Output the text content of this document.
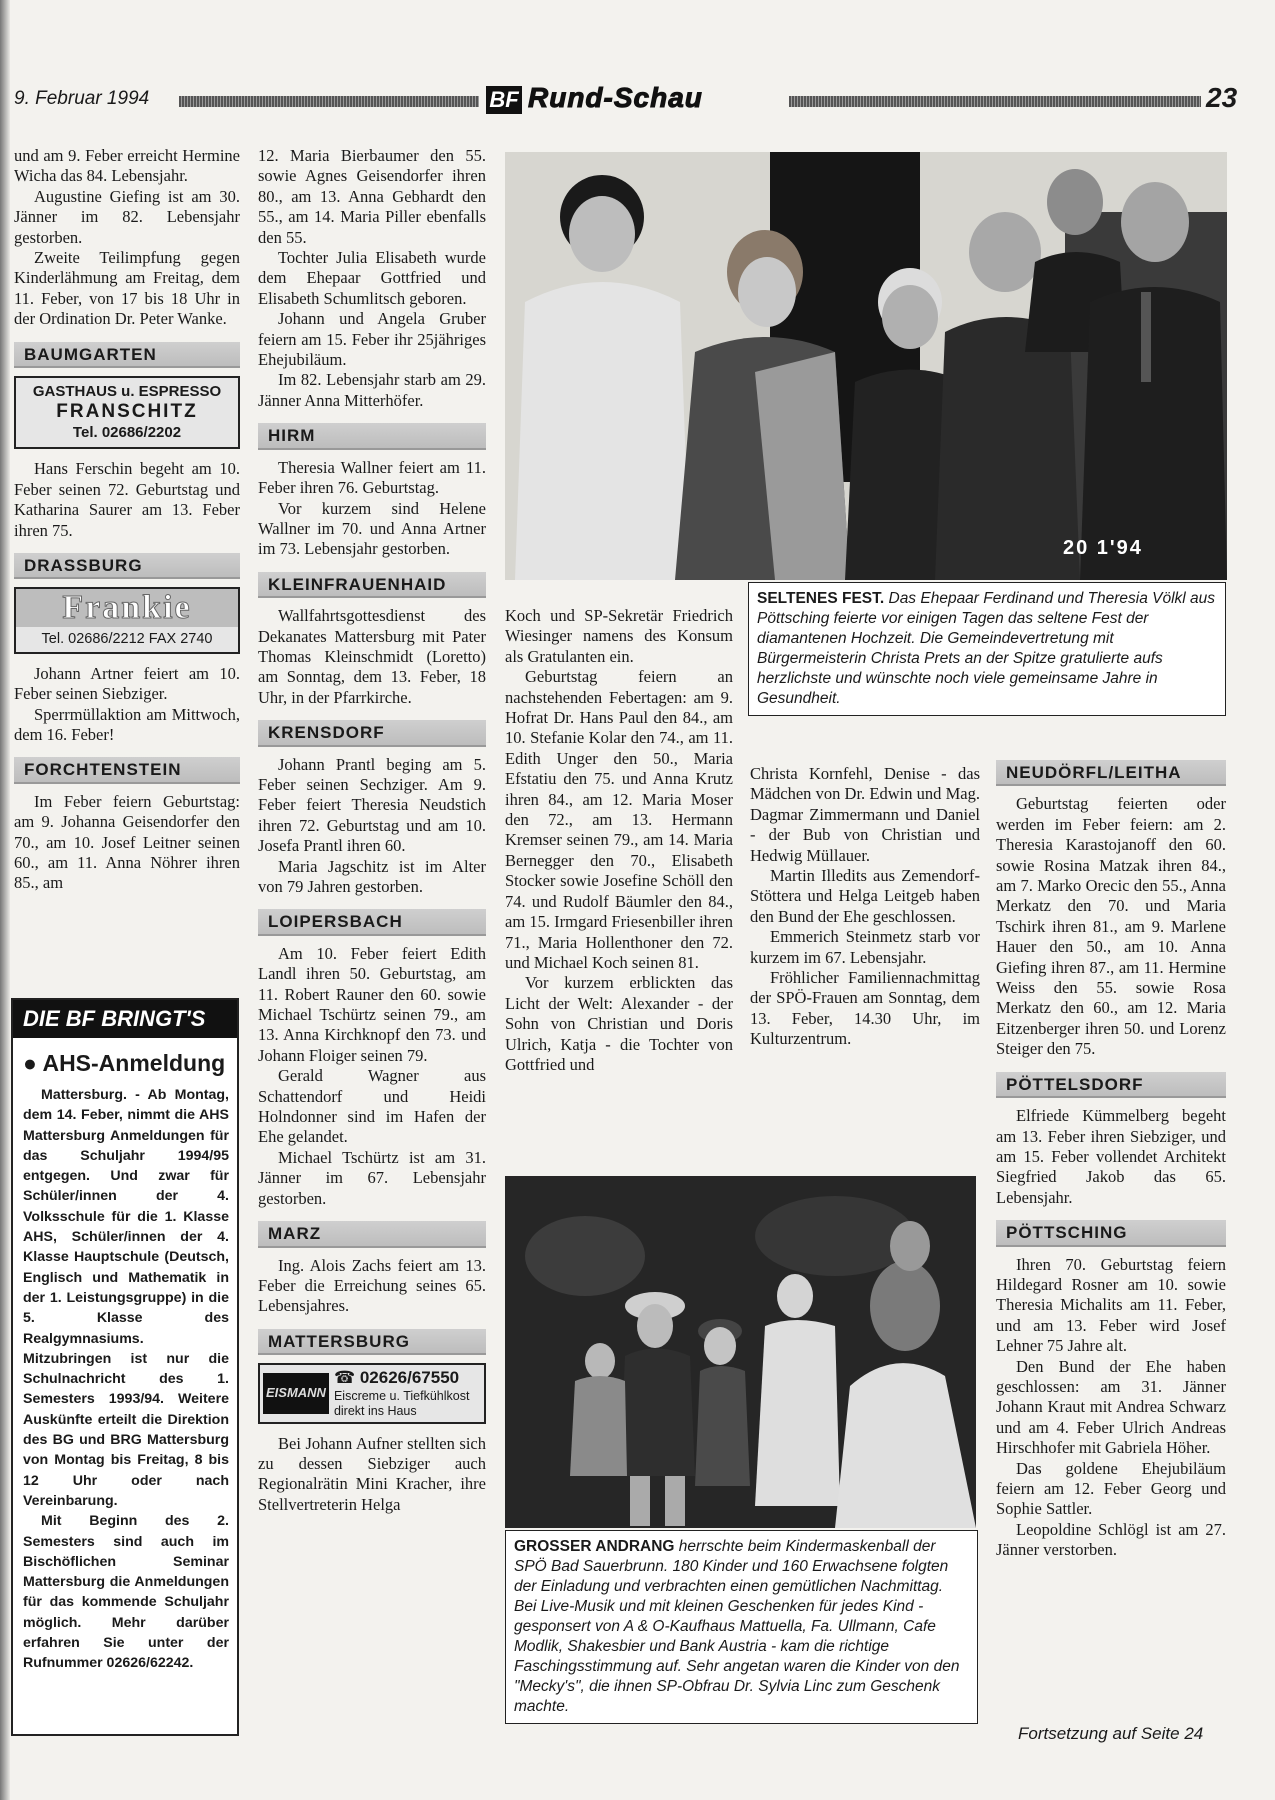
9. Februar 1994	BF Rund-Schau	23

und am 9. Feber erreicht Hermine Wicha das 84. Lebensjahr.

Augustine Giefing ist am 30. Jänner im 82. Lebensjahr gestorben.

Zweite Teilimpfung gegen Kinderlähmung am Freitag, dem 11. Feber, von 17 bis 18 Uhr in der Ordination Dr. Peter Wanke.

BAUMGARTEN
GASTHAUS u. ESPRESSO
FRANSCHITZ
Tel. 02686/2202

Hans Ferschin begeht am 10. Feber seinen 72. Geburtstag und Katharina Saurer am 13. Feber ihren 75.

DRASSBURG
Frankie
Tel. 02686/2212 FAX 2740

Johann Artner feiert am 10. Feber seinen Siebziger.

Sperrmüllaktion am Mittwoch, dem 16. Feber!

FORCHTENSTEIN

Im Feber feiern Geburtstag: am 9. Johanna Geisendorfer den 70., am 10. Josef Leitner seinen 60., am 11. Anna Nöhrer ihren 85., am

DIE BF BRINGT'S
● AHS-Anmeldung

Mattersburg. - Ab Montag, dem 14. Feber, nimmt die AHS Mattersburg Anmeldungen für das Schuljahr 1994/95 entgegen. Und zwar für Schüler/innen der 4. Volksschule für die 1. Klasse AHS, Schüler/innen der 4. Klasse Hauptschule (Deutsch, Englisch und Mathematik in der 1. Leistungsgruppe) in die 5. Klasse des Realgymnasiums. Mitzubringen ist nur die Schulnachricht des 1. Semesters 1993/94. Weitere Auskünfte erteilt die Direktion des BG und BRG Mattersburg von Montag bis Freitag, 8 bis 12 Uhr oder nach Vereinbarung.

Mit Beginn des 2. Semesters sind auch im Bischöflichen Seminar Mattersburg die Anmeldungen für das kommende Schuljahr möglich. Mehr darüber erfahren Sie unter der Rufnummer 02626/62242.

12. Maria Bierbaumer den 55. sowie Agnes Geisendorfer ihren 80., am 13. Anna Gebhardt den 55., am 14. Maria Piller ebenfalls den 55.

Tochter Julia Elisabeth wurde dem Ehepaar Gottfried und Elisabeth Schumlitsch geboren.

Johann und Angela Gruber feiern am 15. Feber ihr 25jähriges Ehejubiläum.

Im 82. Lebensjahr starb am 29. Jänner Anna Mitterhöfer.

HIRM

Theresia Wallner feiert am 11. Feber ihren 76. Geburtstag.

Vor kurzem sind Helene Wallner im 70. und Anna Artner im 73. Lebensjahr gestorben.

KLEINFRAUENHAID

Wallfahrtsgottesdienst des Dekanates Mattersburg mit Pater Thomas Kleinschmidt (Loretto) am Sonntag, dem 13. Feber, 18 Uhr, in der Pfarrkirche.

KRENSDORF

Johann Prantl beging am 5. Feber seinen Sechziger. Am 9. Feber feiert Theresia Neudstich ihren 72. Geburtstag und am 10. Josefa Prantl ihren 60.

Maria Jagschitz ist im Alter von 79 Jahren gestorben.

LOIPERSBACH

Am 10. Feber feiert Edith Landl ihren 50. Geburtstag, am 11. Robert Rauner den 60. sowie Michael Tschürtz seinen 79., am 13. Anna Kirchknopf den 73. und Johann Floiger seinen 79.

Gerald Wagner aus Schattendorf und Heidi Holndonner sind im Hafen der Ehe gelandet.

Michael Tschürtz ist am 31. Jänner im 67. Lebensjahr gestorben.

MARZ

Ing. Alois Zachs feiert am 13. Feber die Erreichung seines 65. Lebensjahres.

MATTERSBURG
EISMANN
☎ 02626/67550
Eiscreme u. Tiefkühlkost direkt ins Haus

Bei Johann Aufner stellten sich zu dessen Siebziger auch Regionalrätin Mini Kracher, ihre Stellvertreterin Helga

20 1'94
SELTENES FEST. Das Ehepaar Ferdinand und Theresia Völkl aus Pöttsching feierte vor einigen Tagen das seltene Fest der diamantenen Hochzeit. Die Gemeindevertretung mit Bürgermeisterin Christa Prets an der Spitze gratulierte aufs herzlichste und wünschte noch viele gemeinsame Jahre in Gesundheit.

Koch und SP-Sekretär Friedrich Wiesinger namens des Konsum als Gratulanten ein.

Geburtstag feiern an nachstehenden Febertagen: am 9. Hofrat Dr. Hans Paul den 84., am 10. Stefanie Kolar den 74., am 11. Edith Unger den 50., Maria Efstatiu den 75. und Anna Krutz ihren 84., am 12. Maria Moser den 72., am 13. Hermann Kremser seinen 79., am 14. Maria Bernegger den 70., Elisabeth Stocker sowie Josefine Schöll den 74. und Rudolf Bäumler den 84., am 15. Irmgard Friesenbiller ihren 71., Maria Hollenthoner den 72. und Michael Koch seinen 81.

Vor kurzem erblickten das Licht der Welt: Alexander - der Sohn von Christian und Doris Ulrich, Katja - die Tochter von Gottfried und

Christa Kornfehl, Denise - das Mädchen von Dr. Edwin und Mag. Dagmar Zimmermann und Daniel - der Bub von Christian und Hedwig Müllauer.

Martin Illedits aus Zemendorf-Stöttera und Helga Leitgeb haben den Bund der Ehe geschlossen.

Emmerich Steinmetz starb vor kurzem im 67. Lebensjahr.

Fröhlicher Familiennachmittag der SPÖ-Frauen am Sonntag, dem 13. Feber, 14.30 Uhr, im Kulturzentrum.

GROSSER ANDRANG herrschte beim Kindermaskenball der SPÖ Bad Sauerbrunn. 180 Kinder und 160 Erwachsene folgten der Einladung und verbrachten einen gemütlichen Nachmittag. Bei Live-Musik und mit kleinen Geschenken für jedes Kind - gesponsert von A & O-Kaufhaus Mattuella, Fa. Ullmann, Cafe Modlik, Shakesbier und Bank Austria - kam die richtige Faschingsstimmung auf. Sehr angetan waren die Kinder von den "Mecky's", die ihnen SP-Obfrau Dr. Sylvia Linc zum Geschenk machte.
NEUDÖRFL/LEITHA

Geburtstag feierten oder werden im Feber feiern: am 2. Theresia Karastojanoff den 60. sowie Rosina Matzak ihren 84., am 7. Marko Orecic den 55., Anna Merkatz den 70. und Maria Tschirk ihren 81., am 9. Marlene Hauer den 50., am 10. Anna Giefing ihren 87., am 11. Hermine Weiss den 55. sowie Rosa Merkatz den 60., am 12. Maria Eitzenberger ihren 50. und Lorenz Steiger den 75.

PÖTTELSDORF

Elfriede Kümmelberg begeht am 13. Feber ihren Siebziger, und am 15. Feber vollendet Architekt Siegfried Jakob das 65. Lebensjahr.

PÖTTSCHING

Ihren 70. Geburtstag feiern Hildegard Rosner am 10. sowie Theresia Michalits am 11. Feber, und am 13. Feber wird Josef Lehner 75 Jahre alt.

Den Bund der Ehe haben geschlossen: am 31. Jänner Johann Kraut mit Andrea Schwarz und am 4. Feber Ulrich Andreas Hirschhofer mit Gabriela Höher.

Das goldene Ehejubiläum feiern am 12. Feber Georg und Sophie Sattler.

Leopoldine Schlögl ist am 27. Jänner verstorben.

Fortsetzung auf Seite 24
